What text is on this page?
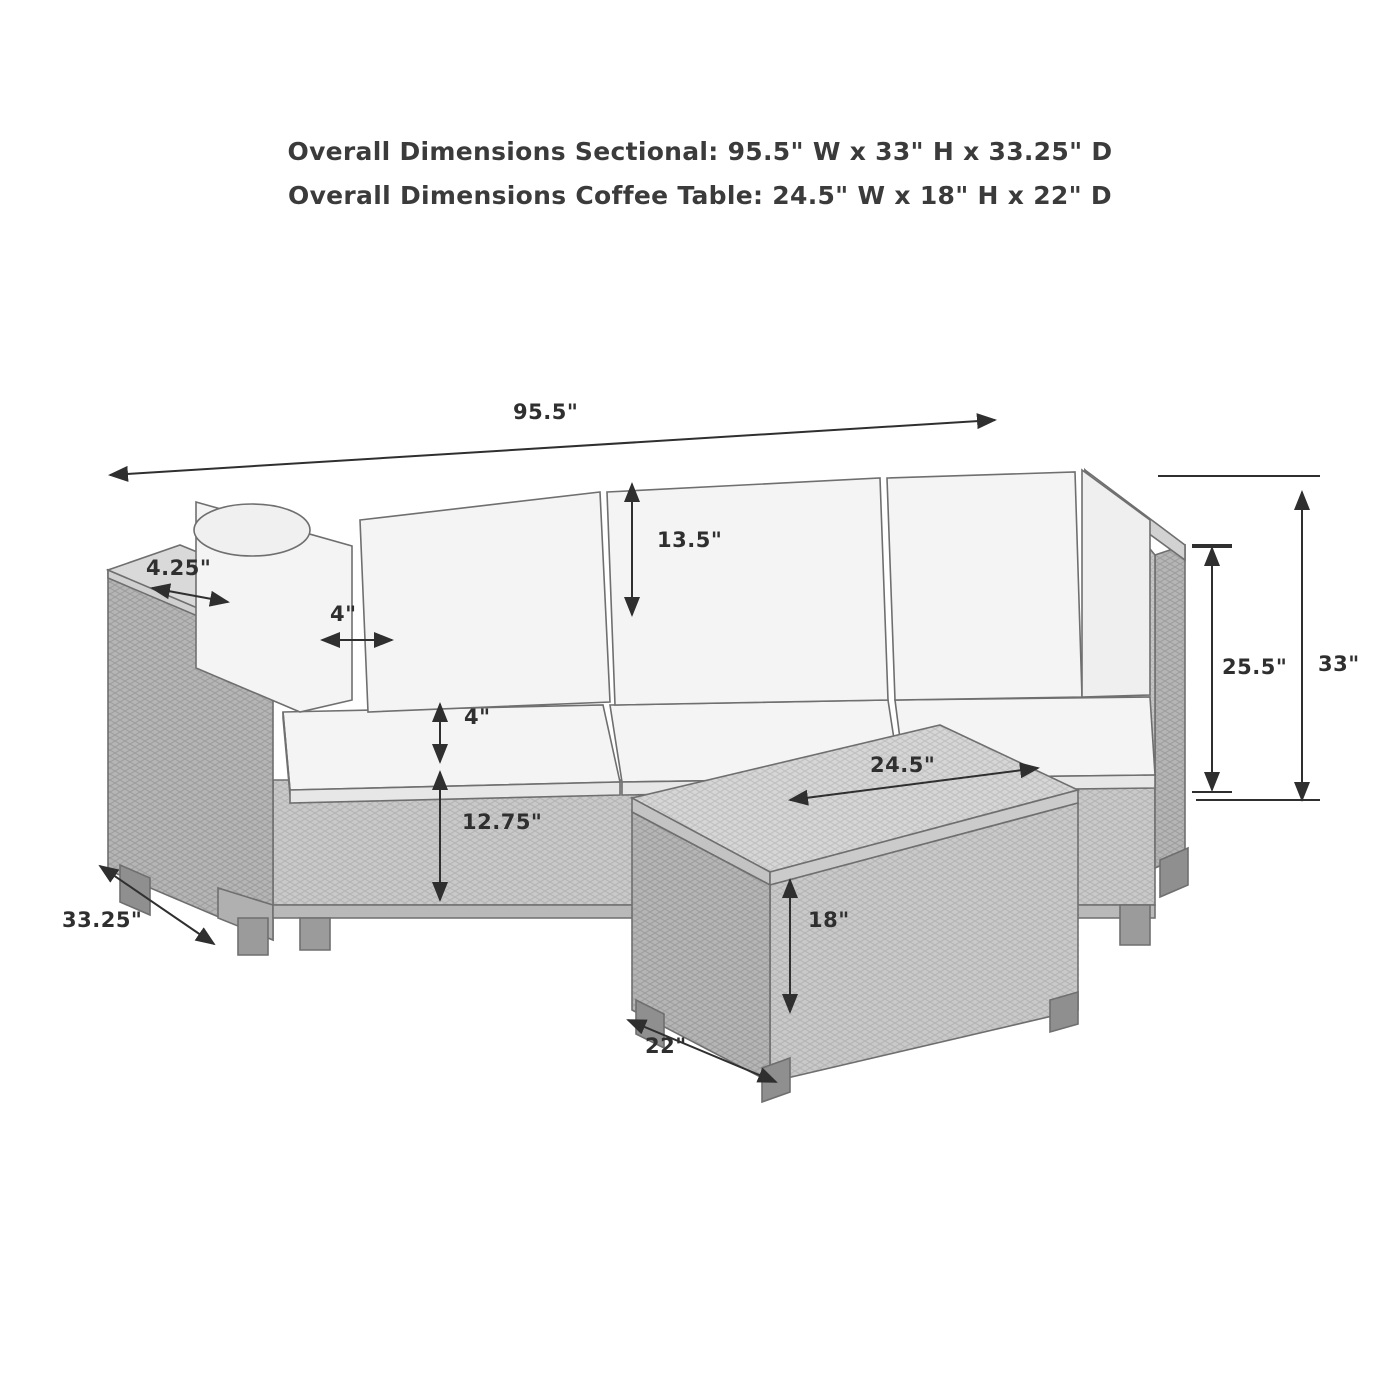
Overall Dimensions Sectional: 95.5" W x 33" H x 33.25" D
Overall Dimensions Coffee Table: 24.5" W x 18" H x 22" D
95.5"
4.25"
4"
13.5"
4"
12.75"
33.25"
25.5" 33"
24.5"
18"
22"
